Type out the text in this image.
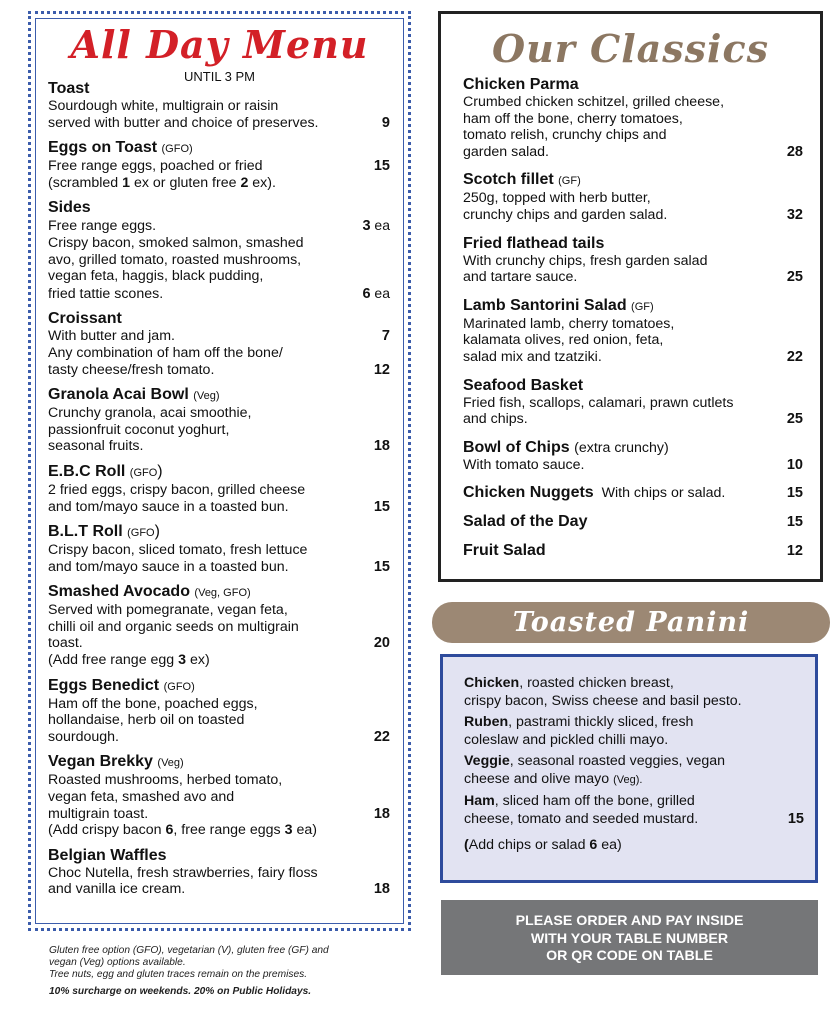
All Day Menu
UNTIL 3 PM
Toast
Sourdough white, multigrain or raisin
served with butter and choice of preserves.	9
Eggs on Toast (GFO)
Free range eggs, poached or fried	15
(scrambled 1 ex or gluten free 2 ex).
Sides
Free range eggs.	3 ea
Crispy bacon, smoked salmon, smashed
avo, grilled tomato, roasted mushrooms,
vegan feta, haggis, black pudding,
fried tattie scones.	6 ea
Croissant
With butter and jam.	7
Any combination of ham off the bone/
tasty cheese/fresh tomato.	12
Granola Acai Bowl (Veg)
Crunchy granola, acai smoothie,
passionfruit coconut yoghurt,
seasonal fruits.	18
E.B.C Roll (GFO)
2 fried eggs, crispy bacon, grilled cheese
and tom/mayo sauce in a toasted bun.	15
B.L.T Roll (GFO)
Crispy bacon, sliced tomato, fresh lettuce
and tom/mayo sauce in a toasted bun.	15
Smashed Avocado (Veg, GFO)
Served with pomegranate, vegan feta,
chilli oil and organic seeds on multigrain
toast.	20
(Add free range egg 3 ex)
Eggs Benedict (GFO)
Ham off the bone, poached eggs,
hollandaise, herb oil on toasted
sourdough.	22
Vegan Brekky (Veg)
Roasted mushrooms, herbed tomato,
vegan feta, smashed avo and
multigrain toast.	18
(Add crispy bacon 6, free range eggs 3 ea)
Belgian Waffles
Choc Nutella, fresh strawberries, fairy floss
and vanilla ice cream.	18
Gluten free option (GFO), vegetarian (V), gluten free (GF) and
vegan (Veg) options available.
Tree nuts, egg and gluten traces remain on the premises.
10% surcharge on weekends. 20% on Public Holidays.
Our Classics
Chicken Parma
Crumbed chicken schitzel, grilled cheese,
ham off the bone, cherry tomatoes,
tomato relish, crunchy chips and
garden salad.	28
Scotch fillet (GF)
250g, topped with herb butter,
crunchy chips and garden salad.	32
Fried flathead tails
With crunchy chips, fresh garden salad
and tartare sauce.	25
Lamb Santorini Salad (GF)
Marinated lamb, cherry tomatoes,
kalamata olives, red onion, feta,
salad mix and tzatziki.	22
Seafood Basket
Fried fish, scallops, calamari, prawn cutlets
and chips.	25
Bowl of Chips (extra crunchy)
With tomato sauce.	10
Chicken Nuggets With chips or salad.	15
Salad of the Day	15
Fruit Salad	12
Toasted Panini
Chicken, roasted chicken breast,
crispy bacon, Swiss cheese and basil pesto.
Ruben, pastrami thickly sliced, fresh
coleslaw and pickled chilli mayo.
Veggie, seasonal roasted veggies, vegan
cheese and olive mayo (Veg).
Ham, sliced ham off the bone, grilled
cheese, tomato and seeded mustard.	15
(Add chips or salad 6 ea)
PLEASE ORDER AND PAY INSIDE
WITH YOUR TABLE NUMBER
OR QR CODE ON TABLE
